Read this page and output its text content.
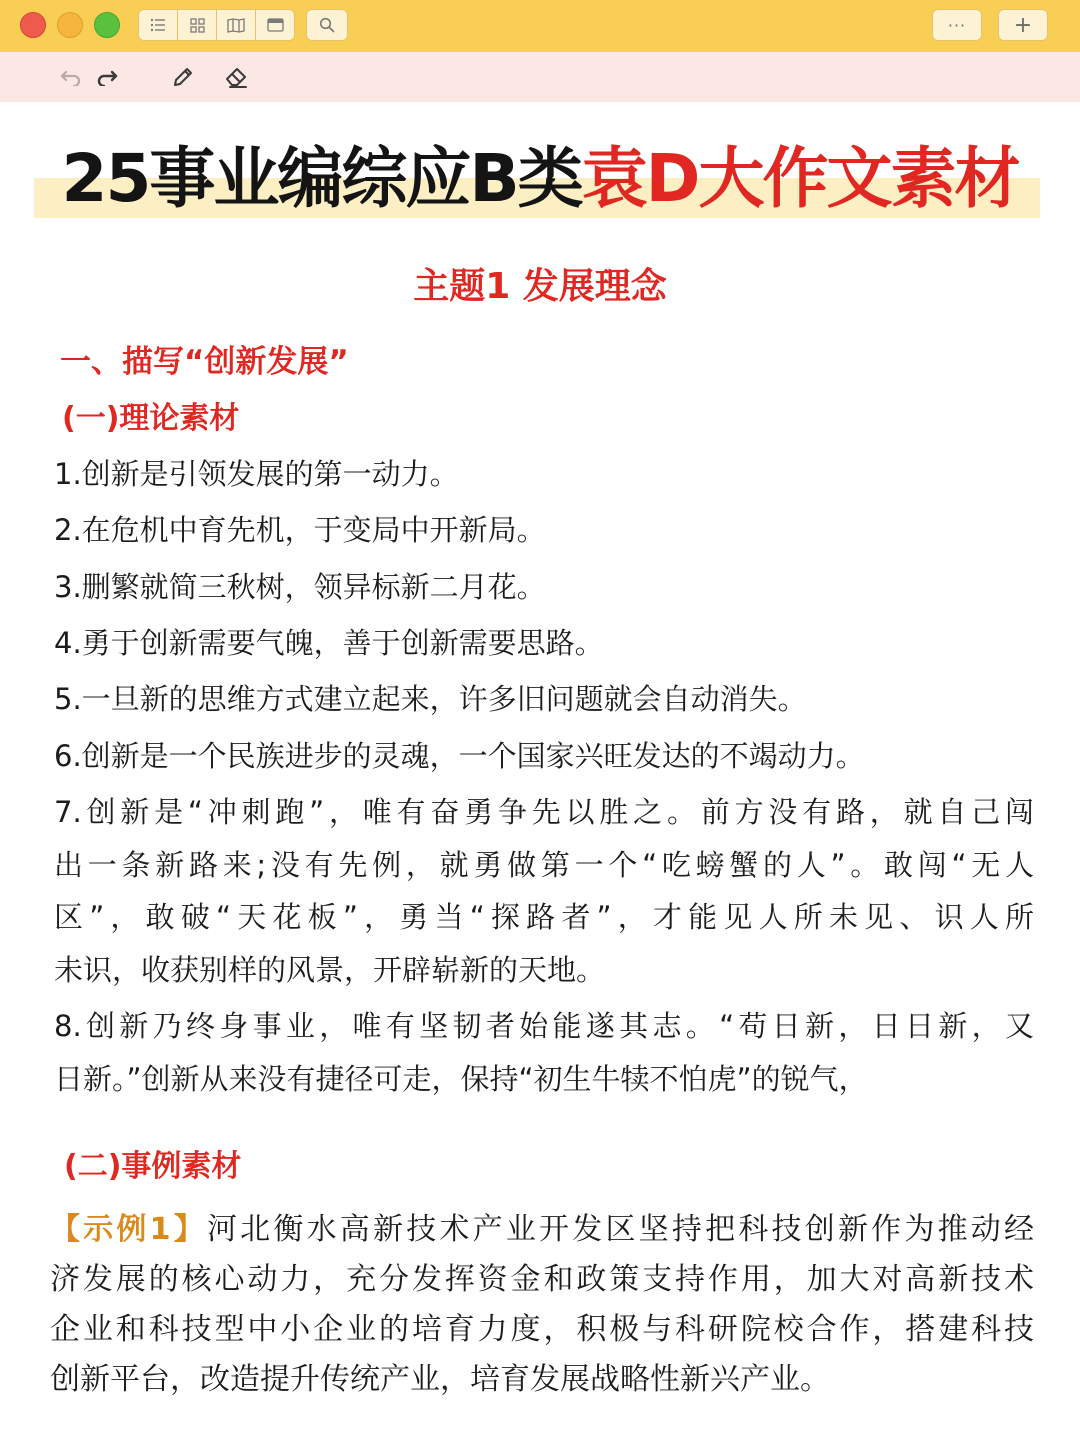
···	+
25事业编综应B类袁D大作文素材
主题1 发展理念
一、描写“创新发展”
(一)理论素材
1.创新是引领发展的第一动力。
2.在危机中育先机，于变局中开新局。
3.删繁就简三秋树，领异标新二月花。
4.勇于创新需要气魄，善于创新需要思路。
5.一旦新的思维方式建立起来，许多旧问题就会自动消失。
6.创新是一个民族进步的灵魂，一个国家兴旺发达的不竭动力。
7.创新是“冲刺跑”，唯有奋勇争先以胜之。前方没有路，就自己闯
出一条新路来;没有先例，就勇做第一个“吃螃蟹的人”。敢闯“无人
区”，敢破“天花板”，勇当“探路者”，才能见人所未见、识人所
未识，收获别样的风景，开辟崭新的天地。
8.创新乃终身事业，唯有坚韧者始能遂其志。“苟日新，日日新，又
日新。”创新从来没有捷径可走，保持“初生牛犊不怕虎”的锐气，
(二)事例素材
【示例1】河北衡水高新技术产业开发区坚持把科技创新作为推动经
济发展的核心动力，充分发挥资金和政策支持作用，加大对高新技术
企业和科技型中小企业的培育力度，积极与科研院校合作，搭建科技
创新平台，改造提升传统产业，培育发展战略性新兴产业。
